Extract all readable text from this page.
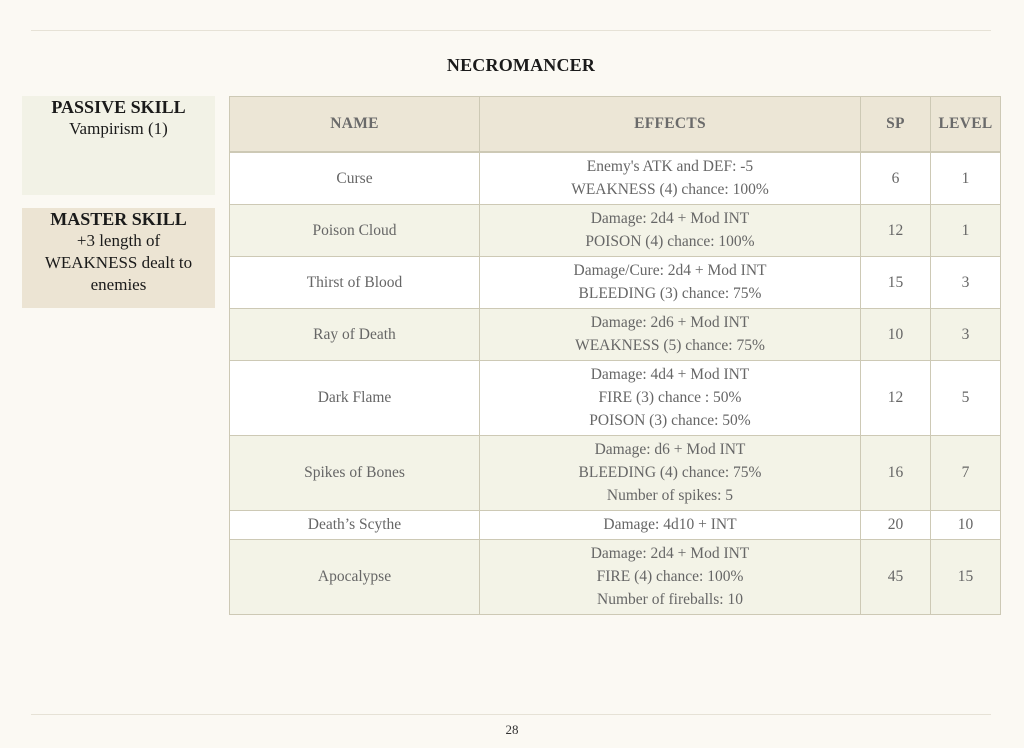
NECROMANCER
PASSIVE SKILL
Vampirism (1)
MASTER SKILL
+3 length of
WEAKNESS dealt to
enemies
NAME	EFFECTS	SP	LEVEL
Curse	Enemy's ATK and DEF: -5
WEAKNESS (4) chance: 100%	6	1
Poison Cloud	Damage: 2d4 + Mod INT
POISON (4) chance: 100%	12	1
Thirst of Blood	Damage/Cure: 2d4 + Mod INT
BLEEDING (3) chance: 75%	15	3
Ray of Death	Damage: 2d6 + Mod INT
WEAKNESS (5) chance: 75%	10	3
Dark Flame	Damage: 4d4 + Mod INT
FIRE (3) chance : 50%
POISON (3) chance: 50%	12	5
Spikes of Bones	Damage: d6 + Mod INT
BLEEDING (4) chance: 75%
Number of spikes: 5	16	7
Death’s Scythe	Damage: 4d10 + INT	20	10
Apocalypse	Damage: 2d4 + Mod INT
FIRE (4) chance: 100%
Number of fireballs: 10	45	15
28
